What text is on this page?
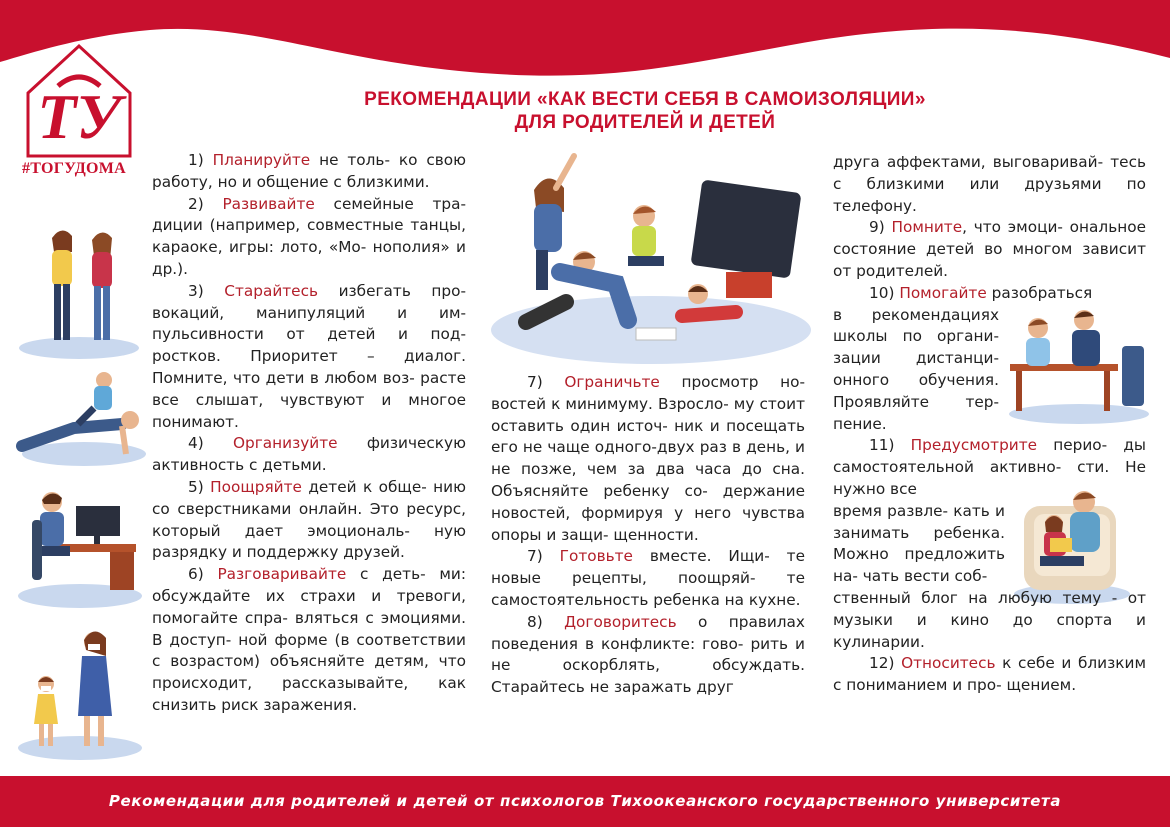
ТУ
#ТОГУДОМА
РЕКОМЕНДАЦИИ «КАК ВЕСТИ СЕБЯ В САМОИЗОЛЯЦИИ»
ДЛЯ РОДИТЕЛЕЙ И ДЕТЕЙ

1) Планируйте не толь- ко свою работу, но и общение с близкими.

2) Развивайте семейные тра- диции (например, совместные танцы, караоке, игры: лото, «Мо- нополия» и др.).

3) Старайтесь избегать про- вокаций, манипуляций и им- пульсивности от детей и под- ростков. Приоритет – диалог. Помните, что дети в любом воз- расте все слышат, чувствуют и многое понимают.

4) Организуйте физическую активность с детьми.

5) Поощряйте детей к обще- нию со сверстниками онлайн. Это ресурс, который дает эмоциональ- ную разрядку и поддержку друзей.

6) Разговаривайте с деть- ми: обсуждайте их страхи и тревоги, помогайте спра- вляться с эмоциями. В доступ- ной форме (в соответствии с возрастом) объясняйте детям, что происходит, рассказывайте, как снизить риск заражения.

7) Ограничьте просмотр но- востей к минимуму. Взросло- му стоит оставить один источ- ник и посещать его не чаще одного-двух раз в день, и не позже, чем за два часа до сна. Объясняйте ребенку со- держание новостей, формируя у него чувства опоры и защи- щенности.

7) Готовьте вместе. Ищи- те новые рецепты, поощряй- те самостоятельность ребенка на кухне.

8) Договоритесь о правилах поведения в конфликте: гово- рить и не оскорблять, обсуждать. Старайтесь не заражать друг

друга аффектами, выговаривай- тесь с близкими или друзьями по телефону.

9) Помните, что эмоци- ональное состояние детей во многом зависит от родителей.

10) Помогайте разобраться

в рекомендациях школы по органи- зации дистанци- онного обучения. Проявляйте тер- пение.

11) Предусмотрите перио- ды самостоятельной активно- сти. Не нужно все

время развле- кать и занимать ребенка. Можно предложить на- чать вести соб-
ственный блог на любую тему - от музыки и кино до спорта и кулинарии.

12) Относитесь к себе и близким с пониманием и про- щением.

Рекомендации для родителей и детей от психологов Тихоокеанского государственного университета
